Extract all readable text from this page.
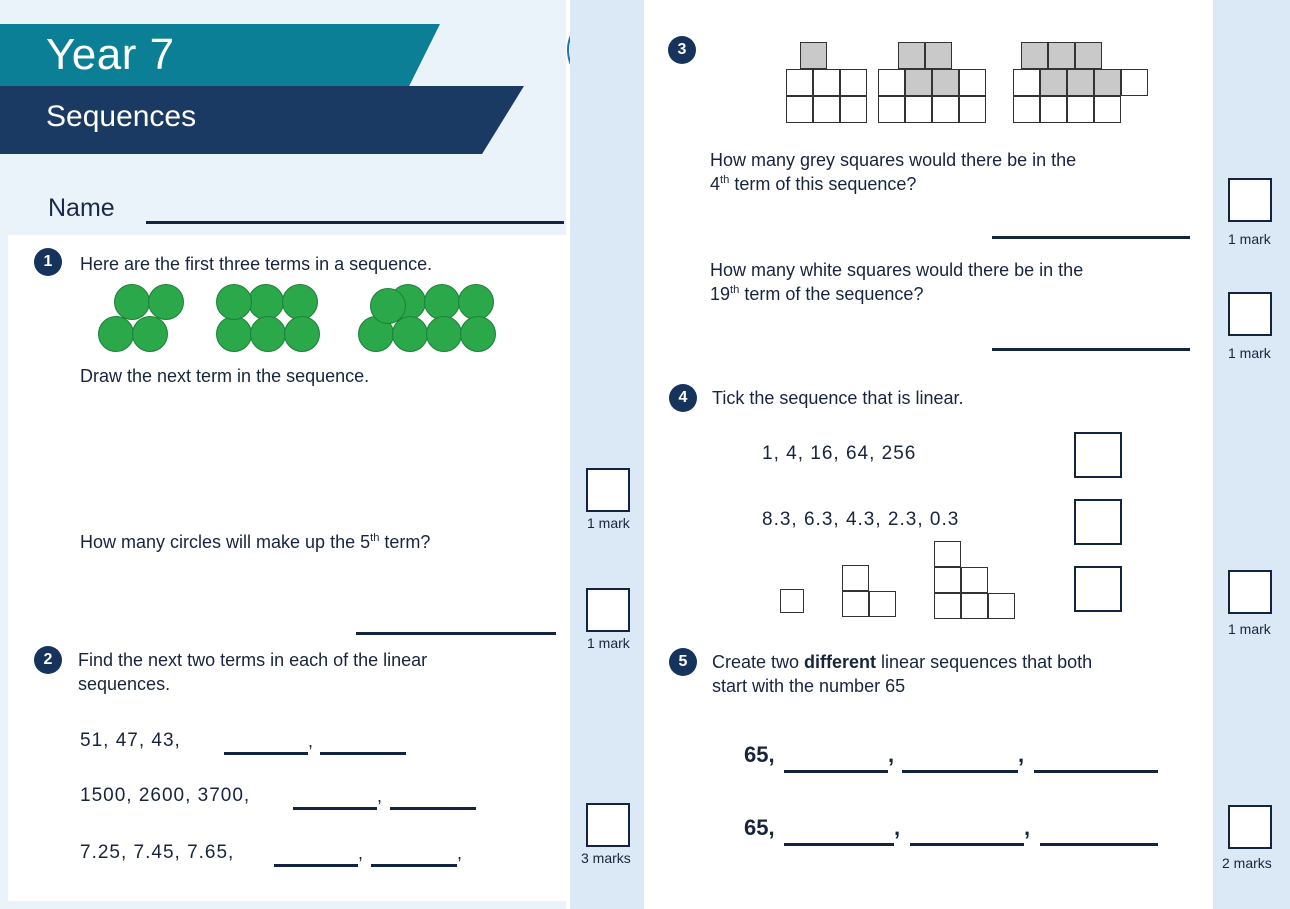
Year 7
Sequences
Name
1	Here are the first three terms in a sequence.
Draw the next term in the sequence.
How many circles will make up the 5th term?
2	Find the next two terms in each of the linear
sequences.
51, 47, 43,	,
1500, 2600, 3700,	,
7.25, 7.45, 7.65,	,	,
1 mark
1 mark
3 marks
3
How many grey squares would there be in the
4th term of this sequence?
How many white squares would there be in the
19th term of the sequence?
4	Tick the sequence that is linear.
1, 4, 16, 64, 256
8.3, 6.3, 4.3, 2.3, 0.3
5	Create two different linear sequences that both
start with the number 65
65,	,	,
65,	,	,
1 mark
1 mark
1 mark
2 marks
